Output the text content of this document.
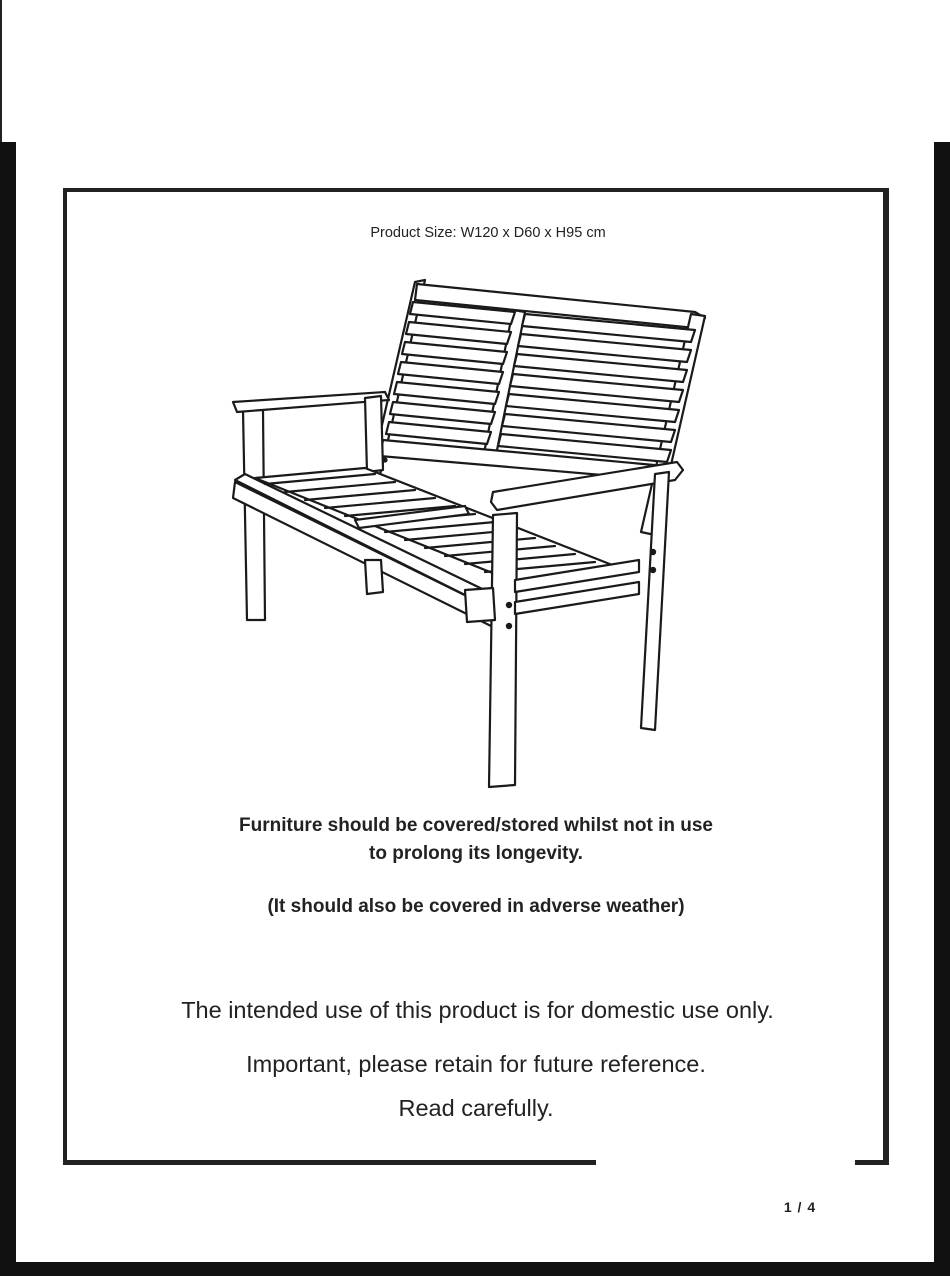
Product Size: W120 x D60 x H95 cm
Furniture should be covered/stored whilst not in use
to prolong its longevity.
(It should also be covered in adverse weather)
The intended use of this product is for domestic use only.
Important, please retain for future reference.
Read carefully.
1 / 4
